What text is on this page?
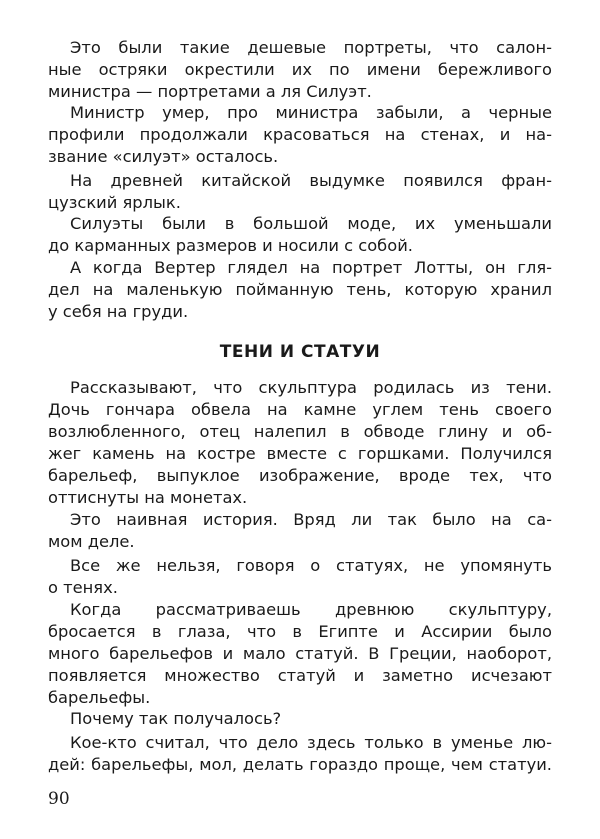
Это были такие дешевые портреты, что салон-
ные остряки окрестили их по имени бережливого
министра — портретами а ля Силуэт.
Министр умер, про министра забыли, а черные
профили продолжали красоваться на стенах, и на-
звание «силуэт» осталось.
На древней китайской выдумке появился фран-
цузский ярлык.
Силуэты были в большой моде, их уменьшали
до карманных размеров и носили с собой.
А когда Вертер глядел на портрет Лотты, он гля-
дел на маленькую пойманную тень, которую хранил
у себя на груди.
ТЕНИ И СТАТУИ
Рассказывают, что скульптура родилась из тени.
Дочь гончара обвела на камне углем тень своего
возлюбленного, отец налепил в обводе глину и об-
жег камень на костре вместе с горшками. Получился
барельеф, выпуклое изображение, вроде тех, что
оттиснуты на монетах.
Это наивная история. Вряд ли так было на са-
мом деле.
Все же нельзя, говоря о статуях, не упомянуть
о тенях.
Когда рассматриваешь древнюю скульптуру,
бросается в глаза, что в Египте и Ассирии было
много барельефов и мало статуй. В Греции, наоборот,
появляется множество статуй и заметно исчезают
барельефы.
Почему так получалось?
Кое-кто считал, что дело здесь только в уменье лю-
дей: барельефы, мол, делать гораздо проще, чем статуи.
90
